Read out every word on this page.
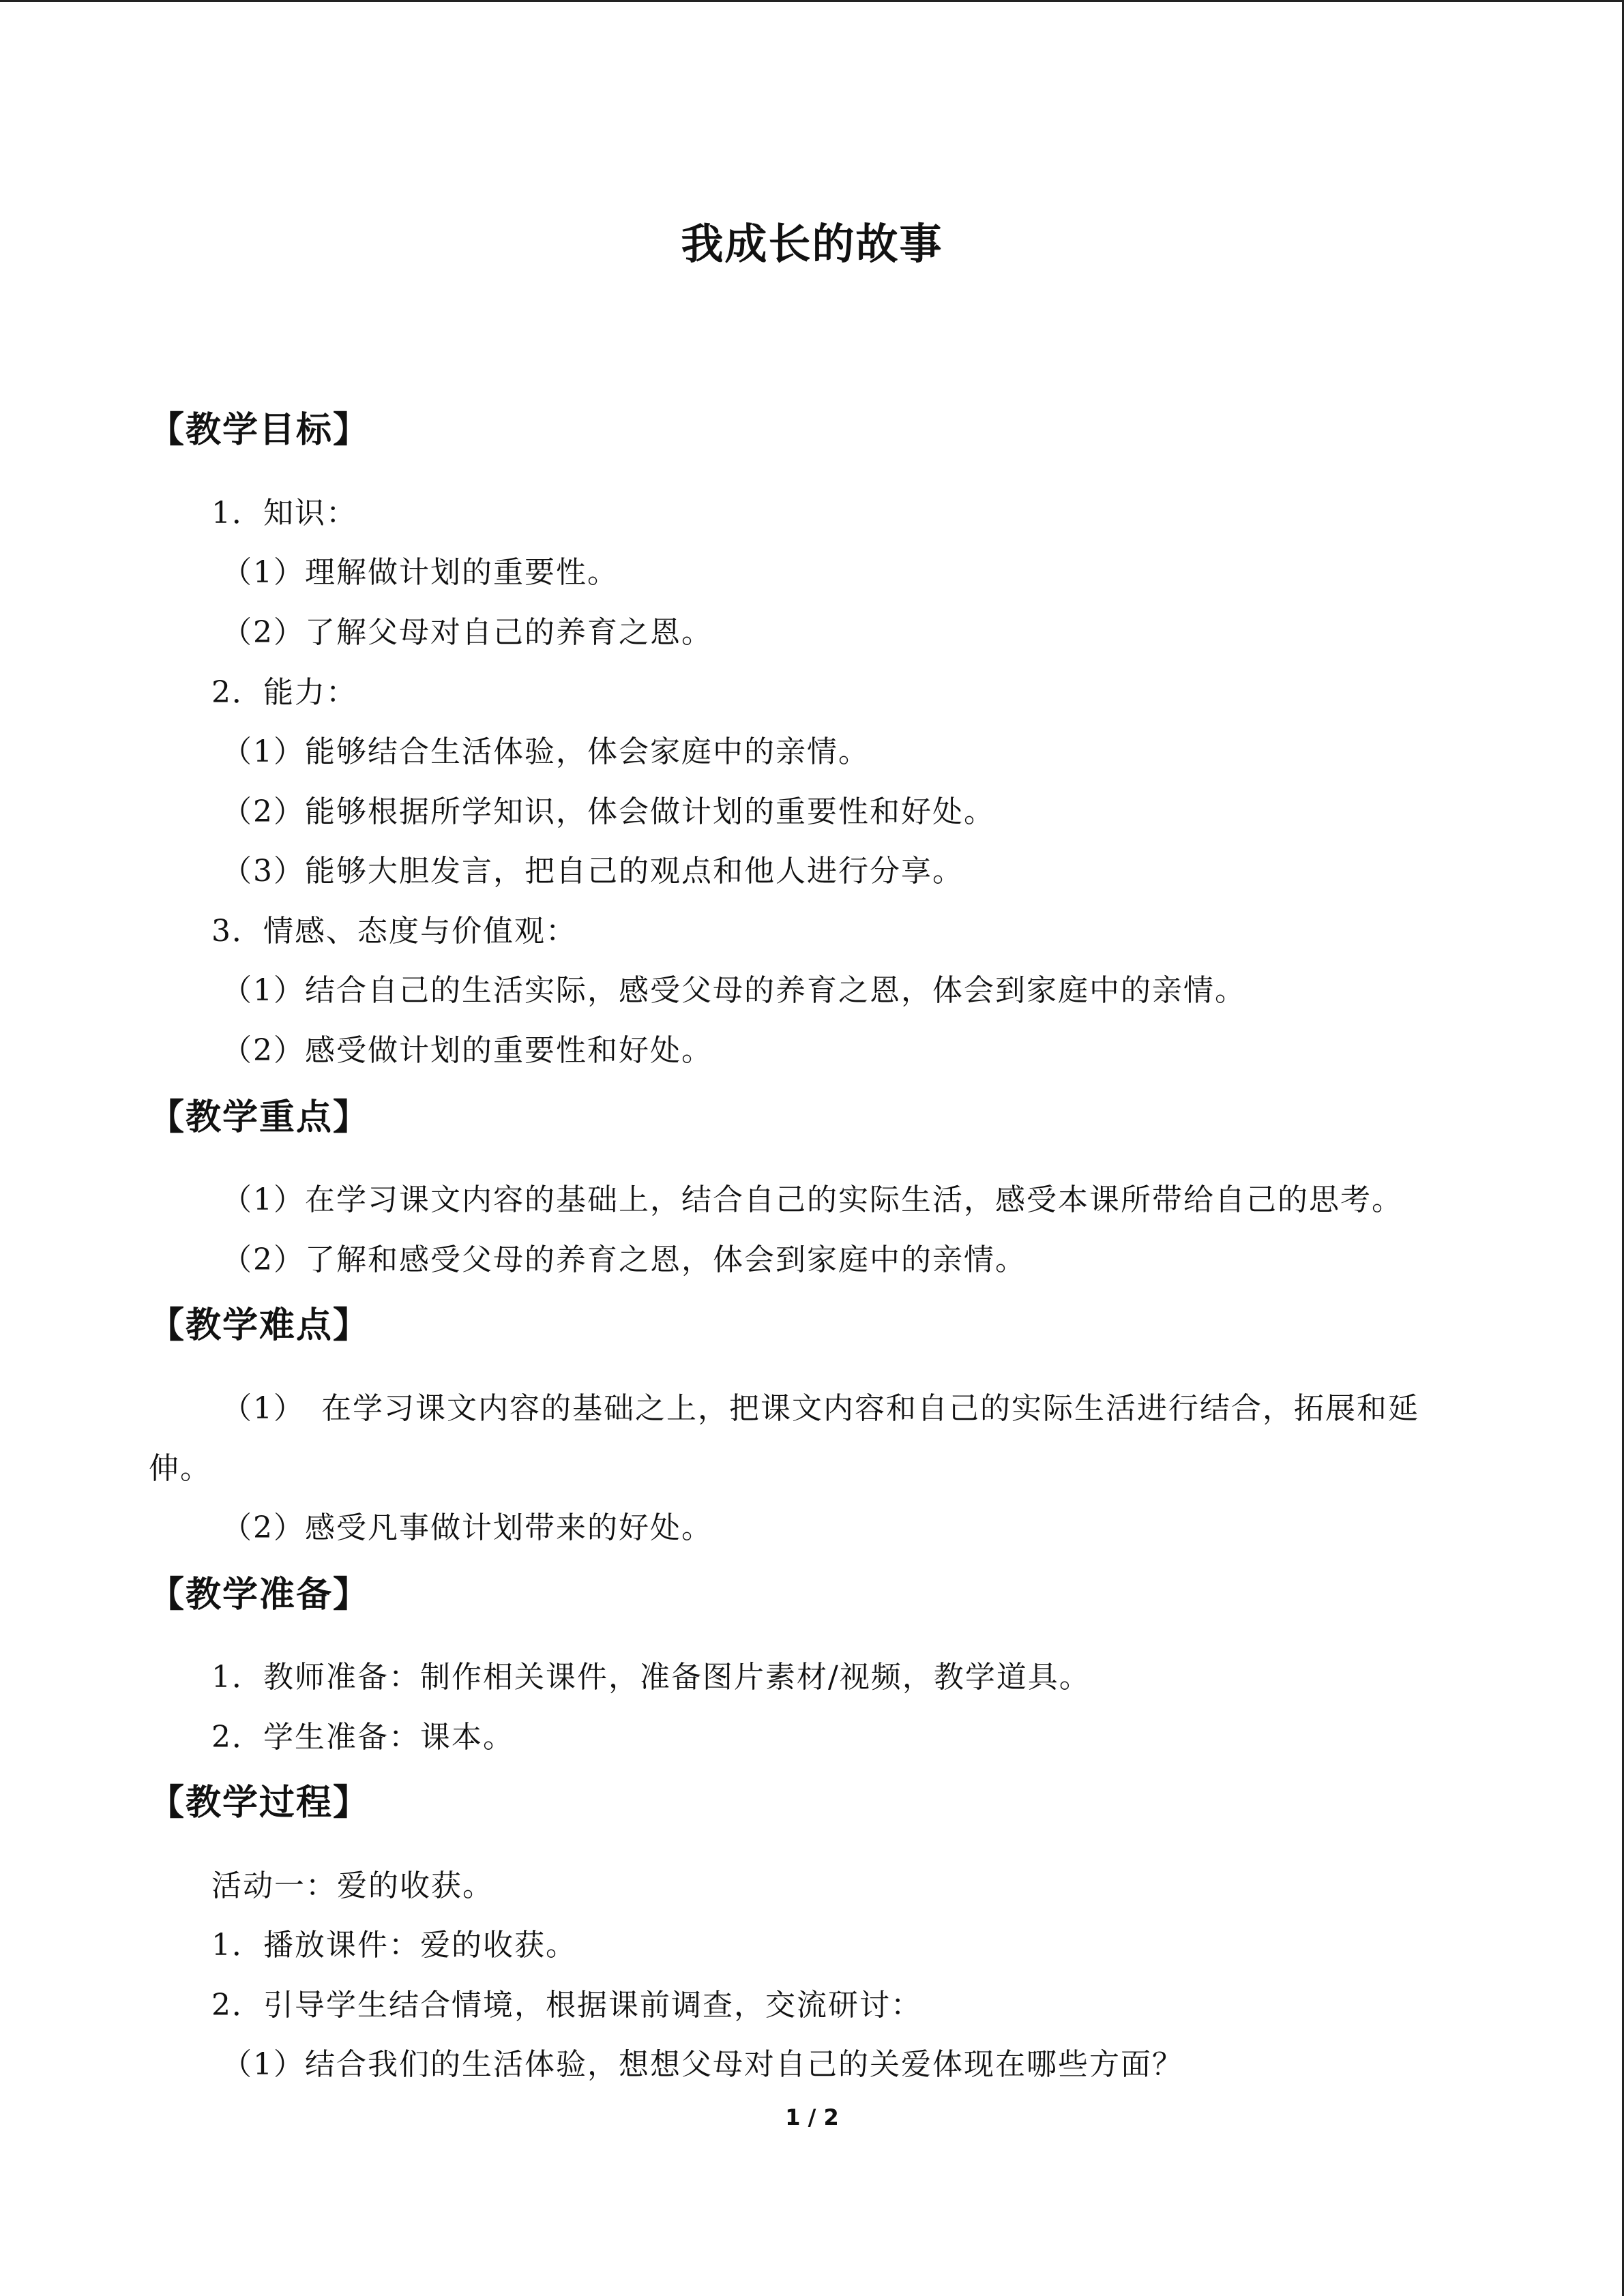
我成长的故事
【教学目标】
1．知识：
（1）理解做计划的重要性。
（2）了解父母对自己的养育之恩。
2．能力：
（1）能够结合生活体验，体会家庭中的亲情。
（2）能够根据所学知识，体会做计划的重要性和好处。
（3）能够大胆发言，把自己的观点和他人进行分享。
3．情感、态度与价值观：
（1）结合自己的生活实际，感受父母的养育之恩，体会到家庭中的亲情。
（2）感受做计划的重要性和好处。
【教学重点】
（1）在学习课文内容的基础上，结合自己的实际生活，感受本课所带给自己的思考。
（2）了解和感受父母的养育之恩，体会到家庭中的亲情。
【教学难点】
（1）　在学习课文内容的基础之上，把课文内容和自己的实际生活进行结合，拓展和延
伸。
（2）感受凡事做计划带来的好处。
【教学准备】
1．教师准备：制作相关课件，准备图片素材/视频，教学道具。
2．学生准备：课本。
【教学过程】
活动一：爱的收获。
1．播放课件：爱的收获。
2．引导学生结合情境，根据课前调查，交流研讨：
（1）结合我们的生活体验，想想父母对自己的关爱体现在哪些方面？
1 / 2
